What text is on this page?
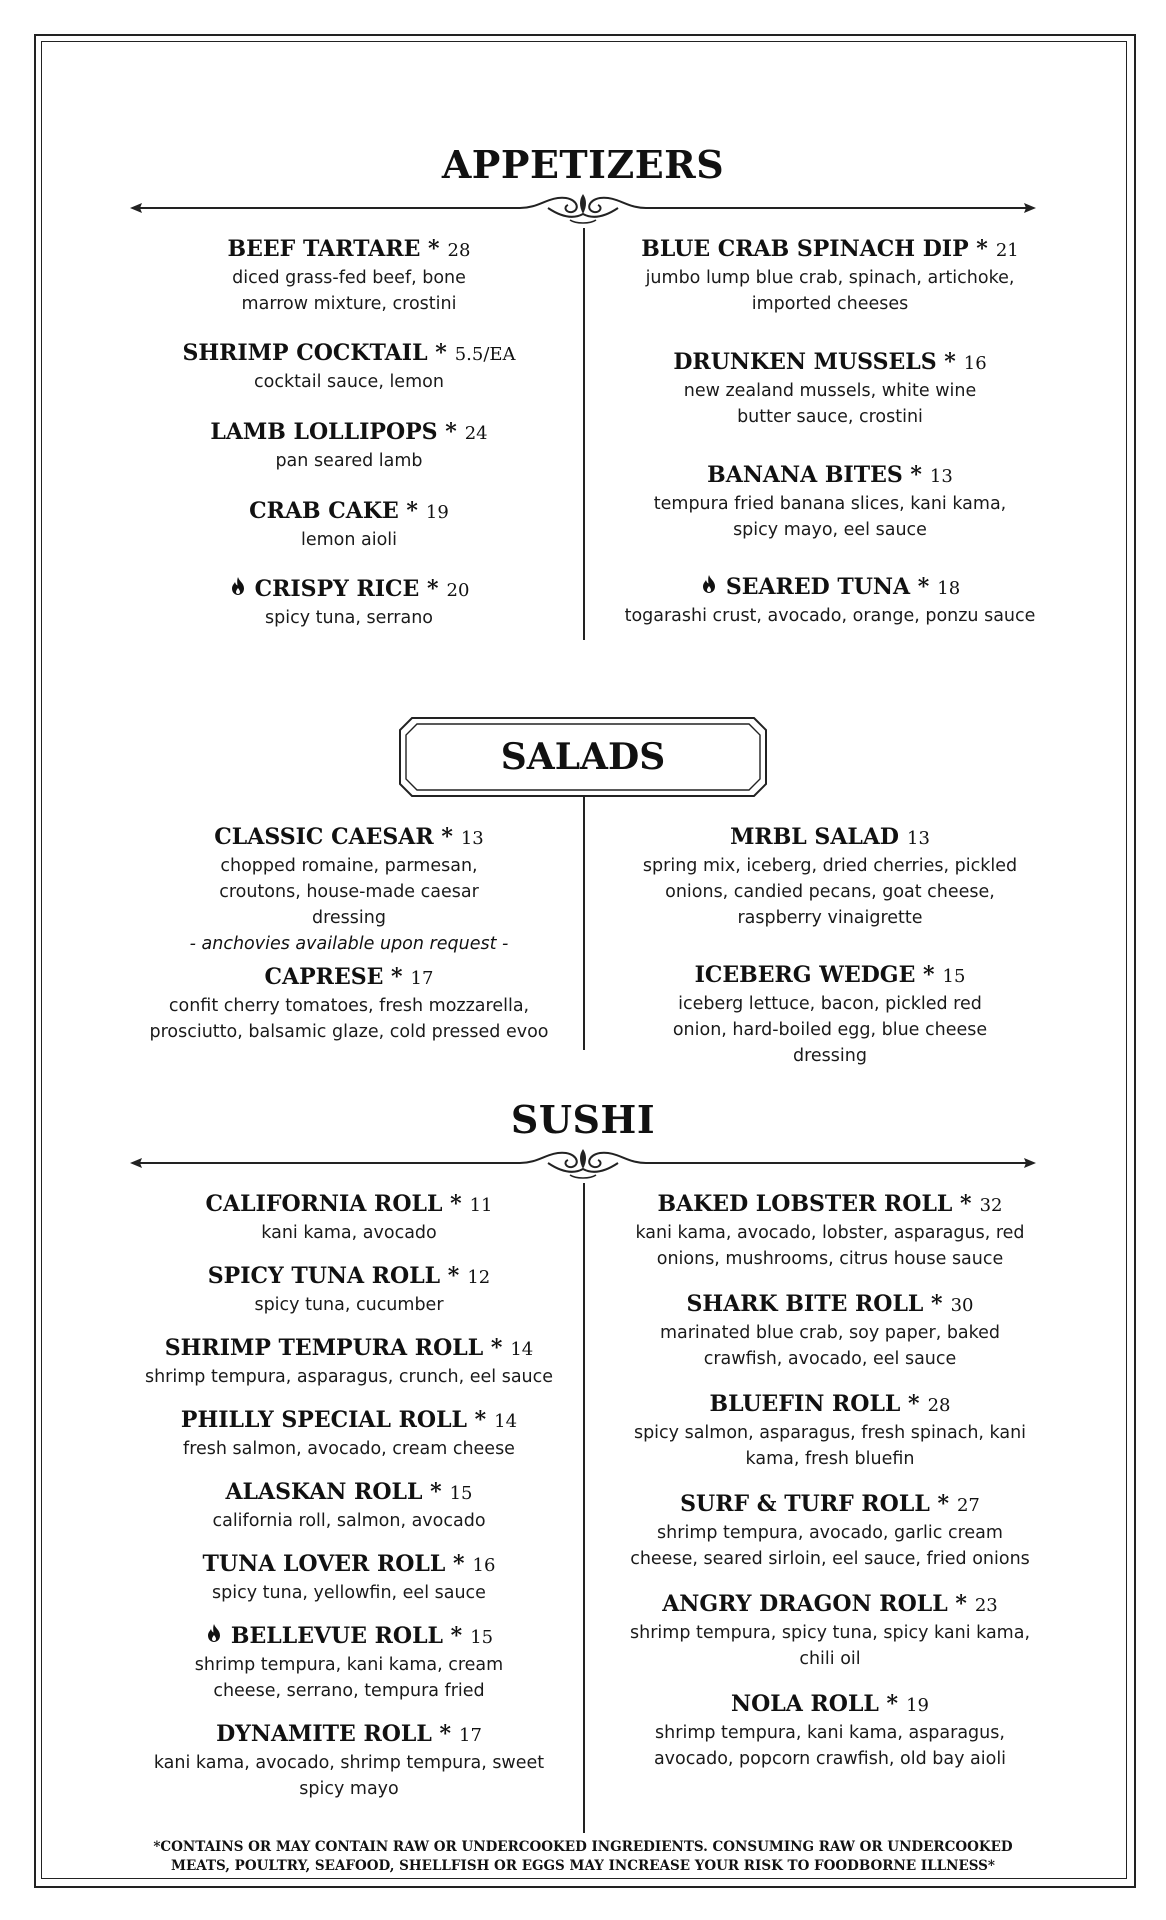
APPETIZERS
BEEF TARTARE * 28
diced grass-fed beef, bone marrow mixture, crostini
SHRIMP COCKTAIL * 5.5/EA
cocktail sauce, lemon
LAMB LOLLIPOPS * 24
pan seared lamb
CRAB CAKE * 19
lemon aioli
CRISPY RICE * 20
spicy tuna, serrano
BLUE CRAB SPINACH DIP * 21
jumbo lump blue crab, spinach, artichoke, imported cheeses
DRUNKEN MUSSELS * 16
new zealand mussels, white wine butter sauce, crostini
BANANA BITES * 13
tempura fried banana slices, kani kama, spicy mayo, eel sauce
SEARED TUNA * 18
togarashi crust, avocado, orange, ponzu sauce
SALADS
CLASSIC CAESAR * 13
chopped romaine, parmesan, croutons, house-made caesar dressing
- anchovies available upon request -
CAPRESE * 17
confit cherry tomatoes, fresh mozzarella, prosciutto, balsamic glaze, cold pressed evoo
MRBL SALAD 13
spring mix, iceberg, dried cherries, pickled onions, candied pecans, goat cheese, raspberry vinaigrette
ICEBERG WEDGE * 15
iceberg lettuce, bacon, pickled red onion, hard-boiled egg, blue cheese dressing
SUSHI
CALIFORNIA ROLL * 11
kani kama, avocado
SPICY TUNA ROLL * 12
spicy tuna, cucumber
SHRIMP TEMPURA ROLL * 14
shrimp tempura, asparagus, crunch, eel sauce
PHILLY SPECIAL ROLL * 14
fresh salmon, avocado, cream cheese
ALASKAN ROLL * 15
california roll, salmon, avocado
TUNA LOVER ROLL * 16
spicy tuna, yellowfin, eel sauce
BELLEVUE ROLL * 15
shrimp tempura, kani kama, cream cheese, serrano, tempura fried
DYNAMITE ROLL * 17
kani kama, avocado, shrimp tempura, sweet spicy mayo
BAKED LOBSTER ROLL * 32
kani kama, avocado, lobster, asparagus, red onions, mushrooms, citrus house sauce
SHARK BITE ROLL * 30
marinated blue crab, soy paper, baked crawfish, avocado, eel sauce
BLUEFIN ROLL * 28
spicy salmon, asparagus, fresh spinach, kani kama, fresh bluefin
SURF & TURF ROLL * 27
shrimp tempura, avocado, garlic cream cheese, seared sirloin, eel sauce, fried onions
ANGRY DRAGON ROLL * 23
shrimp tempura, spicy tuna, spicy kani kama, chili oil
NOLA ROLL * 19
shrimp tempura, kani kama, asparagus, avocado, popcorn crawfish, old bay aioli
*CONTAINS OR MAY CONTAIN RAW OR UNDERCOOKED INGREDIENTS. CONSUMING RAW OR UNDERCOOKED MEATS, POULTRY, SEAFOOD, SHELLFISH OR EGGS MAY INCREASE YOUR RISK TO FOODBORNE ILLNESS*
